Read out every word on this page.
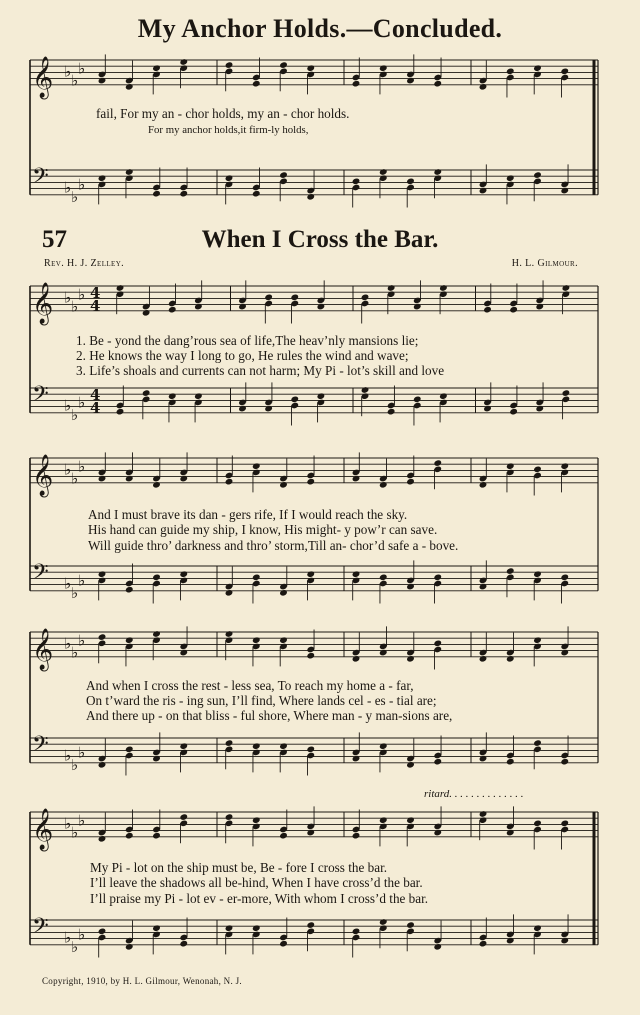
My Anchor Holds.—Concluded.
𝄞 ♭
♭
♭
𝄢 ♭
♭
♭
fail, For my an - chor holds, my an - chor holds.
For my anchor holds,it firm-ly holds,
57	When I Cross the Bar.
Rev. H. J. Zelley.	H. L. Gilmour.
𝄞 ♭
♭
♭ 4
4
𝄢 ♭
♭
♭ 4
4
1. Be - yond the dang’rous sea of life,The heav’nly mansions lie;
2. He knows the way I long to go, He rules the wind and wave;
3. Life’s shoals and currents can not harm; My Pi - lot’s skill and love
𝄞 ♭
♭
♭
𝄢 ♭
♭
♭
And I must brave its dan - gers rife, If I would reach the sky.
His hand can guide my ship, I know, His might- y pow’r can save.
Will guide thro’ darkness and thro’ storm,Till an- chor’d safe a - bove.
𝄞 ♭
♭
♭
𝄢 ♭
♭
♭
And when I cross the rest - less sea, To reach my home a - far,
On t’ward the ris - ing sun, I’ll find, Where lands cel - es - tial are;
And there up - on that bliss - ful shore, Where man - y man-sions are,
ritard. . . . . . . . . . . . . .
𝄞 ♭
♭
♭
𝄢 ♭
♭
♭
My Pi - lot on the ship must be, Be - fore I cross the bar.
I’ll leave the shadows all be-hind, When I have cross’d the bar.
I’ll praise my Pi - lot ev - er-more, With whom I cross’d the bar.
Copyright, 1910, by H. L. Gilmour, Wenonah, N. J.
